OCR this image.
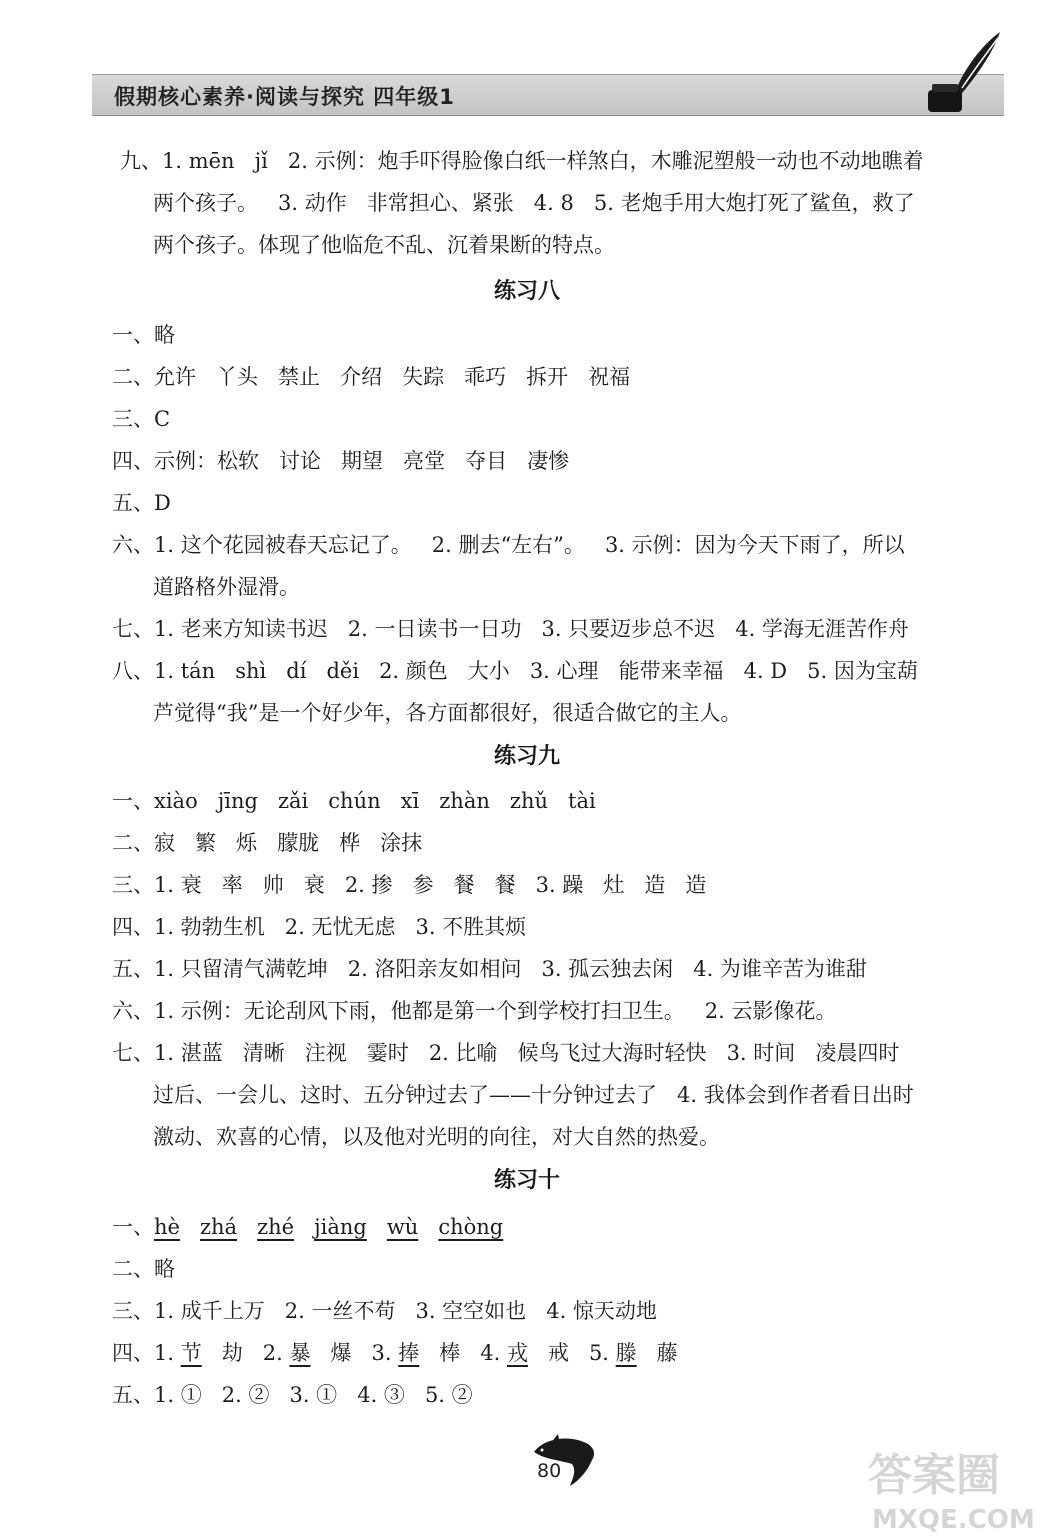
假期核心素养·阅读与探究 四年级1
九、1. mēn   jǐ   2. 示例：炮手吓得脸像白纸一样煞白，木雕泥塑般一动也不动地瞧着
两个孩子。   3. 动作   非常担心、紧张   4. 8   5. 老炮手用大炮打死了鲨鱼，救了
两个孩子。体现了他临危不乱、沉着果断的特点。
练习八
一、略
二、允许   丫头   禁止   介绍   失踪   乖巧   拆开   祝福
三、C
四、示例：松软   讨论   期望   亮堂   夺目   凄惨
五、D
六、1. 这个花园被春天忘记了。   2. 删去“左右”。   3. 示例：因为今天下雨了，所以
道路格外湿滑。
七、1. 老来方知读书迟   2. 一日读书一日功   3. 只要迈步总不迟   4. 学海无涯苦作舟
八、1. tán   shì   dí   děi   2. 颜色   大小   3. 心理   能带来幸福   4. D   5. 因为宝葫
芦觉得“我”是一个好少年，各方面都很好，很适合做它的主人。
练习九
一、xiào   jīng   zǎi   chún   xī   zhàn   zhǔ   tài
二、寂   繁   烁   朦胧   桦   涂抹
三、1. 衰   率   帅   衰   2. 掺   参   餐   餐   3. 躁   灶   造   造
四、1. 勃勃生机   2. 无忧无虑   3. 不胜其烦
五、1. 只留清气满乾坤   2. 洛阳亲友如相问   3. 孤云独去闲   4. 为谁辛苦为谁甜
六、1. 示例：无论刮风下雨，他都是第一个到学校打扫卫生。   2. 云影像花。
七、1. 湛蓝   清晰   注视   霎时   2. 比喻   候鸟飞过大海时轻快   3. 时间   凌晨四时
过后、一会儿、这时、五分钟过去了——十分钟过去了   4. 我体会到作者看日出时
激动、欢喜的心情，以及他对光明的向往，对大自然的热爱。
练习十
一、hè zhá zhé jiàng wù chòng
二、略
三、1. 成千上万   2. 一丝不苟   3. 空空如也   4. 惊天动地
四、1. 节 劫 2. 暴 爆 3. 捧 棒 4. 戎 戒 5. 滕 藤
五、1. ①   2. ②   3. ①   4. ③   5. ②
80	答案圈
MXQE.COM
